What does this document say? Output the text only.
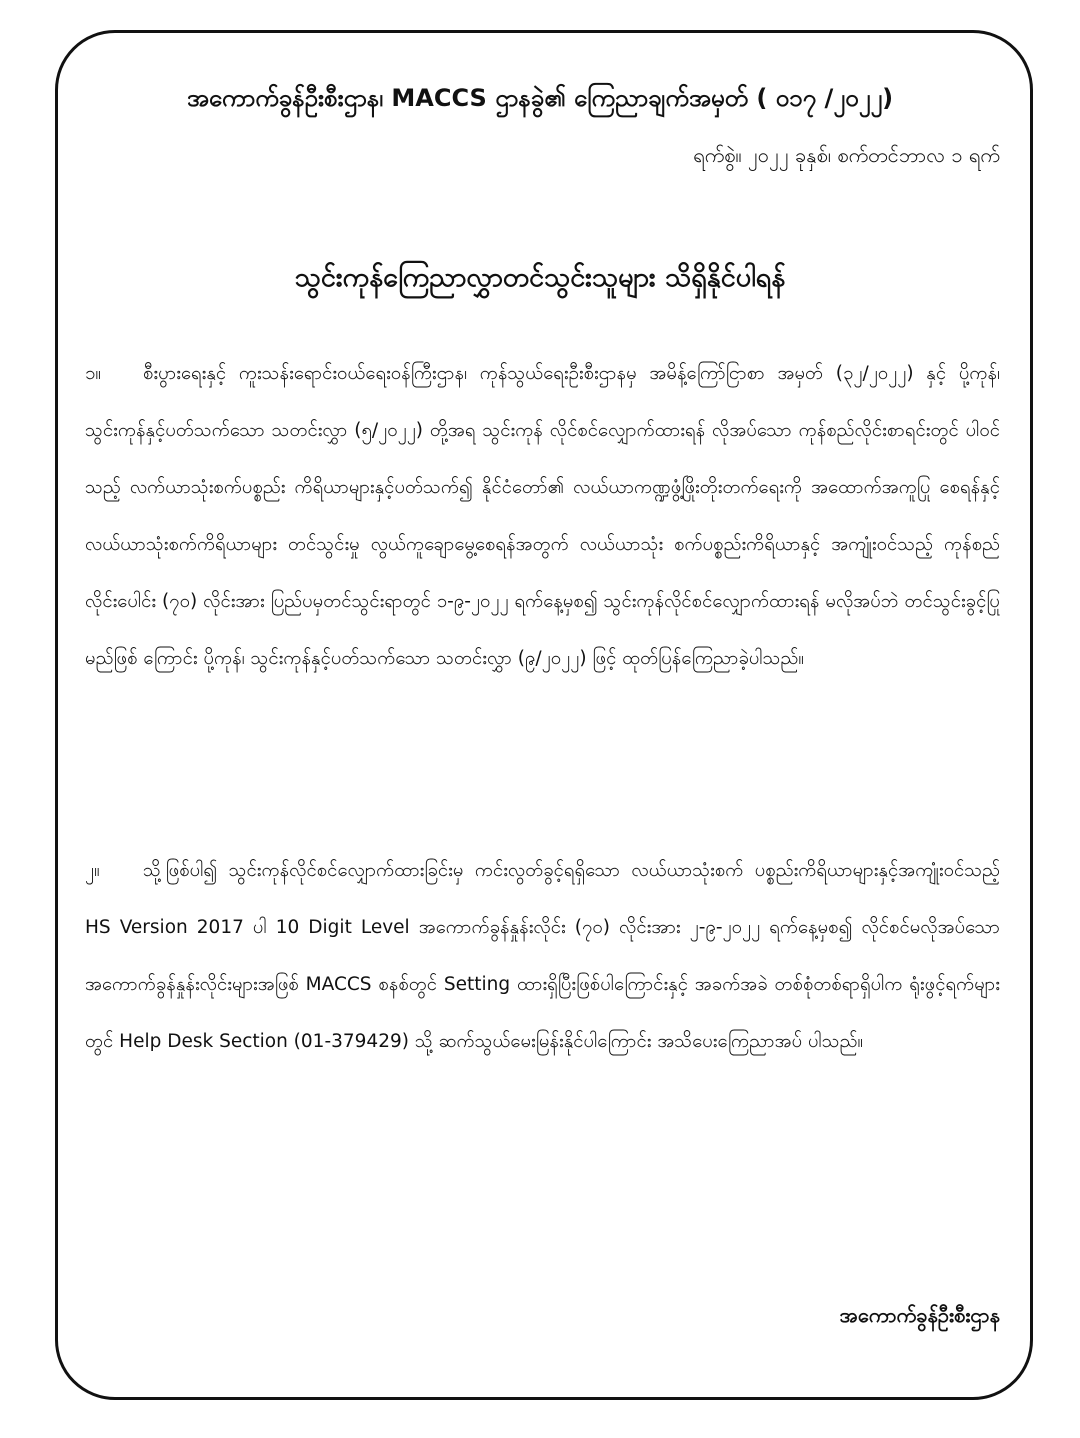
အကောက်ခွန်ဦးစီးဌာန၊ MACCS ဌာနခွဲ၏ ကြေညာချက်အမှတ် ( ၀၁၇ /၂၀၂၂)
ရက်စွဲ။ ၂၀၂၂ ခုနှစ်၊ စက်တင်ဘာလ ၁ ရက်
သွင်းကုန်ကြေညာလွှာတင်သွင်းသူများ သိရှိနိုင်ပါရန်
၁။ စီးပွားရေးနှင့် ကူးသန်းရောင်းဝယ်ရေးဝန်ကြီးဌာန၊ ကုန်သွယ်ရေးဦးစီးဌာနမှ အမိန့်ကြော်ငြာစာ အမှတ် (၃၂/၂၀၂၂) နှင့် ပို့ကုန်၊ သွင်းကုန်နှင့်ပတ်သက်သော သတင်းလွှာ (၅/၂၀၂၂) တို့အရ သွင်းကုန် လိုင်စင်လျှောက်ထားရန် လိုအပ်သော ကုန်စည်လိုင်းစာရင်းတွင် ပါဝင်သည့် လက်ယာသုံးစက်ပစ္စည်း ကိရိယာများနှင့်ပတ်သက်၍ နိုင်ငံတော်၏ လယ်ယာကဏ္ဍဖွံ့ဖြိုးတိုးတက်ရေးကို အထောက်အကူပြု စေရန်နှင့် လယ်ယာသုံးစက်ကိရိယာများ တင်သွင်းမှု လွယ်ကူချောမွေ့စေရန်အတွက် လယ်ယာသုံး စက်ပစ္စည်းကိရိယာနှင့် အကျုံးဝင်သည့် ကုန်စည်လိုင်းပေါင်း (၇၀) လိုင်းအား ပြည်ပမှတင်သွင်းရာတွင် ၁-၉-၂၀၂၂ ရက်နေ့မှစ၍ သွင်းကုန်လိုင်စင်လျှောက်ထားရန် မလိုအပ်ဘဲ တင်သွင်းခွင့်ပြုမည်ဖြစ် ကြောင်း ပို့ကုန်၊ သွင်းကုန်နှင့်ပတ်သက်သော သတင်းလွှာ (၉/၂၀၂၂) ဖြင့် ထုတ်ပြန်ကြေညာခဲ့ပါသည်။
၂။ သို့ဖြစ်ပါ၍ သွင်းကုန်လိုင်စင်လျှောက်ထားခြင်းမှ ကင်းလွတ်ခွင့်ရရှိသော လယ်ယာသုံးစက် ပစ္စည်းကိရိယာများနှင့်အကျုံးဝင်သည့် HS Version 2017 ပါ 10 Digit Level အကောက်ခွန်နှုန်းလိုင်း (၇၀) လိုင်းအား ၂-၉-၂၀၂၂ ရက်နေ့မှစ၍ လိုင်စင်မလိုအပ်သော အကောက်ခွန်နှုန်းလိုင်းများအဖြစ် MACCS စနစ်တွင် Setting ထားရှိပြီးဖြစ်ပါကြောင်းနှင့် အခက်အခဲ တစ်စုံတစ်ရာရှိပါက ရုံးဖွင့်ရက်များ တွင် Help Desk Section (01-379429) သို့ ဆက်သွယ်မေးမြန်းနိုင်ပါကြောင်း အသိပေးကြေညာအပ် ပါသည်။
အကောက်ခွန်ဦးစီးဌာန
